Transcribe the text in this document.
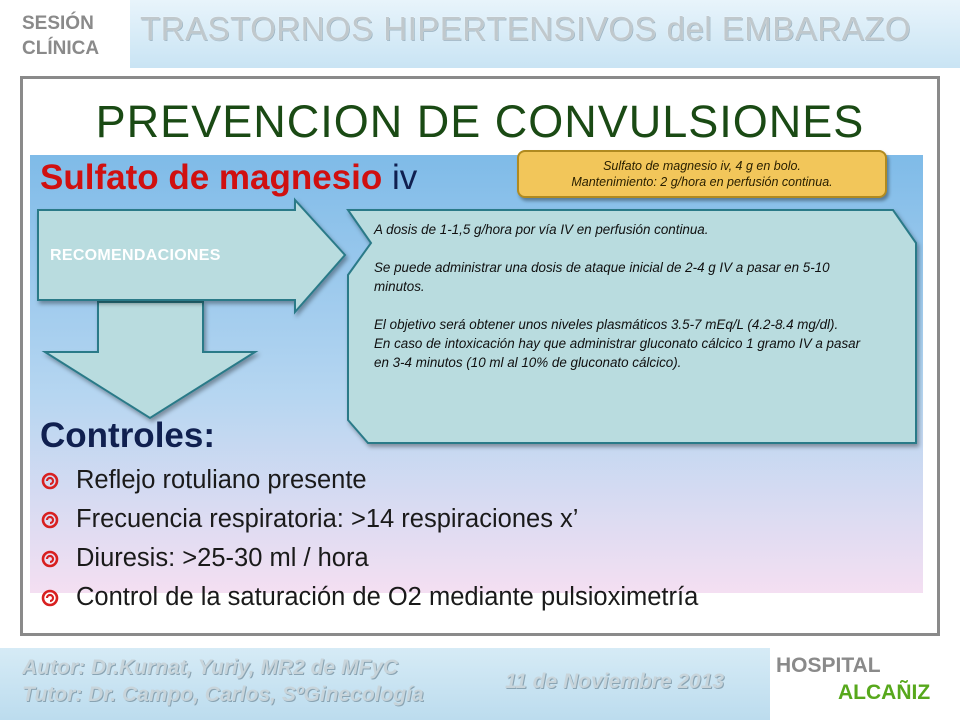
SESIÓN
CLÍNICA
TRASTORNOS HIPERTENSIVOS del EMBARAZO
PREVENCION DE CONVULSIONES
Sulfato de magnesio iv	Sulfato de magnesio iv, 4 g en bolo.
Mantenimiento: 2 g/hora en perfusión continua.
RECOMENDACIONES

A dosis de 1-1,5 g/hora por vía IV en perfusión continua.

Se puede administrar una dosis de ataque inicial de 2-4 g IV a pasar en 5-10 minutos.

El objetivo será obtener unos niveles plasmáticos 3.5-7 mEq/L (4.2-8.4 mg/dl).

En caso de intoxicación hay que administrar gluconato cálcico 1 gramo IV a pasar en 3-4 minutos (10 ml al 10% de gluconato cálcico).

Controles:
Reflejo rotuliano presente
Frecuencia respiratoria: >14 respiraciones x’
Diuresis: >25-30 ml / hora
Control de la saturación de O2 mediante pulsioximetría
Autor: Dr.Kurnat, Yuriy, MR2 de MFyC
Tutor: Dr. Campo, Carlos, SºGinecología
11 de Noviembre 2013
HOSPITAL
ALCAÑIZ
